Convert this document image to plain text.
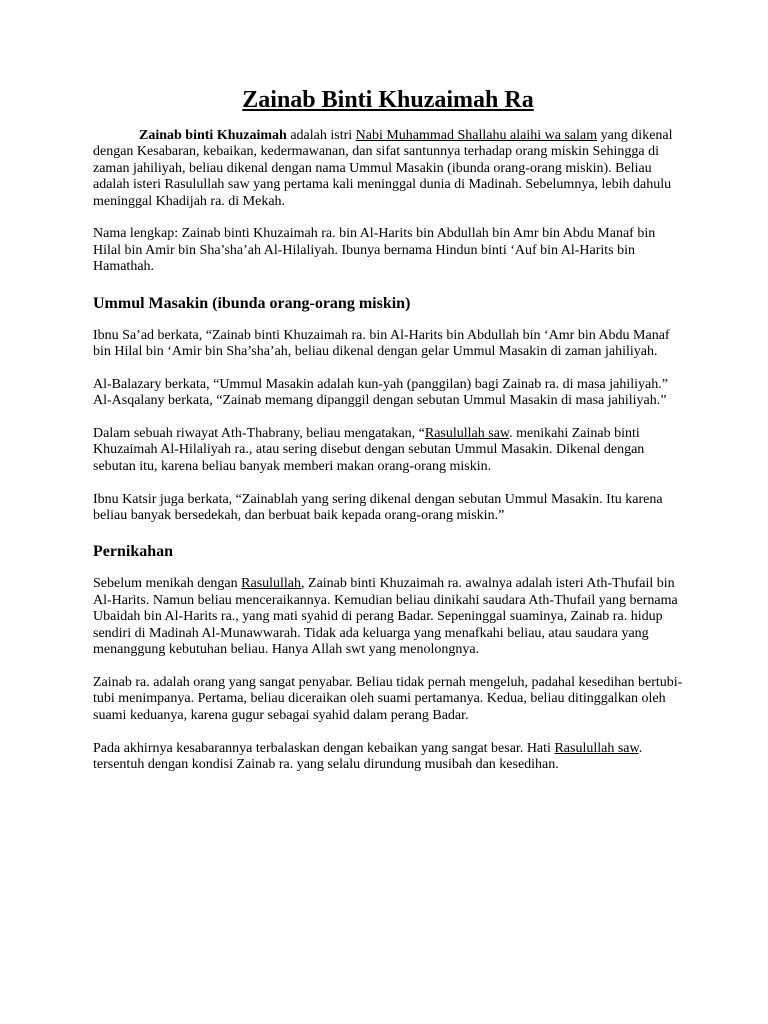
Zainab Binti Khuzaimah Ra

Zainab binti Khuzaimah adalah istri Nabi Muhammad Shallahu alaihi wa salam yang dikenal dengan Kesabaran, kebaikan, kedermawanan, dan sifat santunnya terhadap orang miskin Sehingga di zaman jahiliyah, beliau dikenal dengan nama Ummul Masakin (ibunda orang-orang miskin). Beliau adalah isteri Rasulullah saw yang pertama kali meninggal dunia di Madinah. Sebelumnya, lebih dahulu meninggal Khadijah ra. di Mekah.

Nama lengkap: Zainab binti Khuzaimah ra. bin Al-Harits bin Abdullah bin Amr bin Abdu Manaf bin Hilal bin Amir bin Sha’sha’ah Al-Hilaliyah. Ibunya bernama Hindun binti ‘Auf bin Al-Harits bin Hamathah.

Ummul Masakin (ibunda orang-orang miskin)

Ibnu Sa’ad berkata, “Zainab binti Khuzaimah ra. bin Al-Harits bin Abdullah bin ‘Amr bin Abdu Manaf bin Hilal bin ‘Amir bin Sha’sha’ah, beliau dikenal dengan gelar Ummul Masakin di zaman jahiliyah.

Al-Balazary berkata, “Ummul Masakin adalah kun-yah (panggilan) bagi Zainab ra. di masa jahiliyah.” Al-Asqalany berkata, “Zainab memang dipanggil dengan sebutan Ummul Masakin di masa jahiliyah.”

Dalam sebuah riwayat Ath-Thabrany, beliau mengatakan, “Rasulullah saw. menikahi Zainab binti Khuzaimah Al-Hilaliyah ra., atau sering disebut dengan sebutan Ummul Masakin. Dikenal dengan sebutan itu, karena beliau banyak memberi makan orang-orang miskin.

Ibnu Katsir juga berkata, “Zainablah yang sering dikenal dengan sebutan Ummul Masakin. Itu karena beliau banyak bersedekah, dan berbuat baik kepada orang-orang miskin.”

Pernikahan

Sebelum menikah dengan Rasulullah, Zainab binti Khuzaimah ra. awalnya adalah isteri Ath-Thufail bin Al-Harits. Namun beliau menceraikannya. Kemudian beliau dinikahi saudara Ath-Thufail yang bernama Ubaidah bin Al-Harits ra., yang mati syahid di perang Badar. Sepeninggal suaminya, Zainab ra. hidup sendiri di Madinah Al-Munawwarah. Tidak ada keluarga yang menafkahi beliau, atau saudara yang menanggung kebutuhan beliau. Hanya Allah swt yang menolongnya.

Zainab ra. adalah orang yang sangat penyabar. Beliau tidak pernah mengeluh, padahal kesedihan bertubi-tubi menimpanya. Pertama, beliau diceraikan oleh suami pertamanya. Kedua, beliau ditinggalkan oleh suami keduanya, karena gugur sebagai syahid dalam perang Badar.

Pada akhirnya kesabarannya terbalaskan dengan kebaikan yang sangat besar. Hati Rasulullah saw. tersentuh dengan kondisi Zainab ra. yang selalu dirundung musibah dan kesedihan.
